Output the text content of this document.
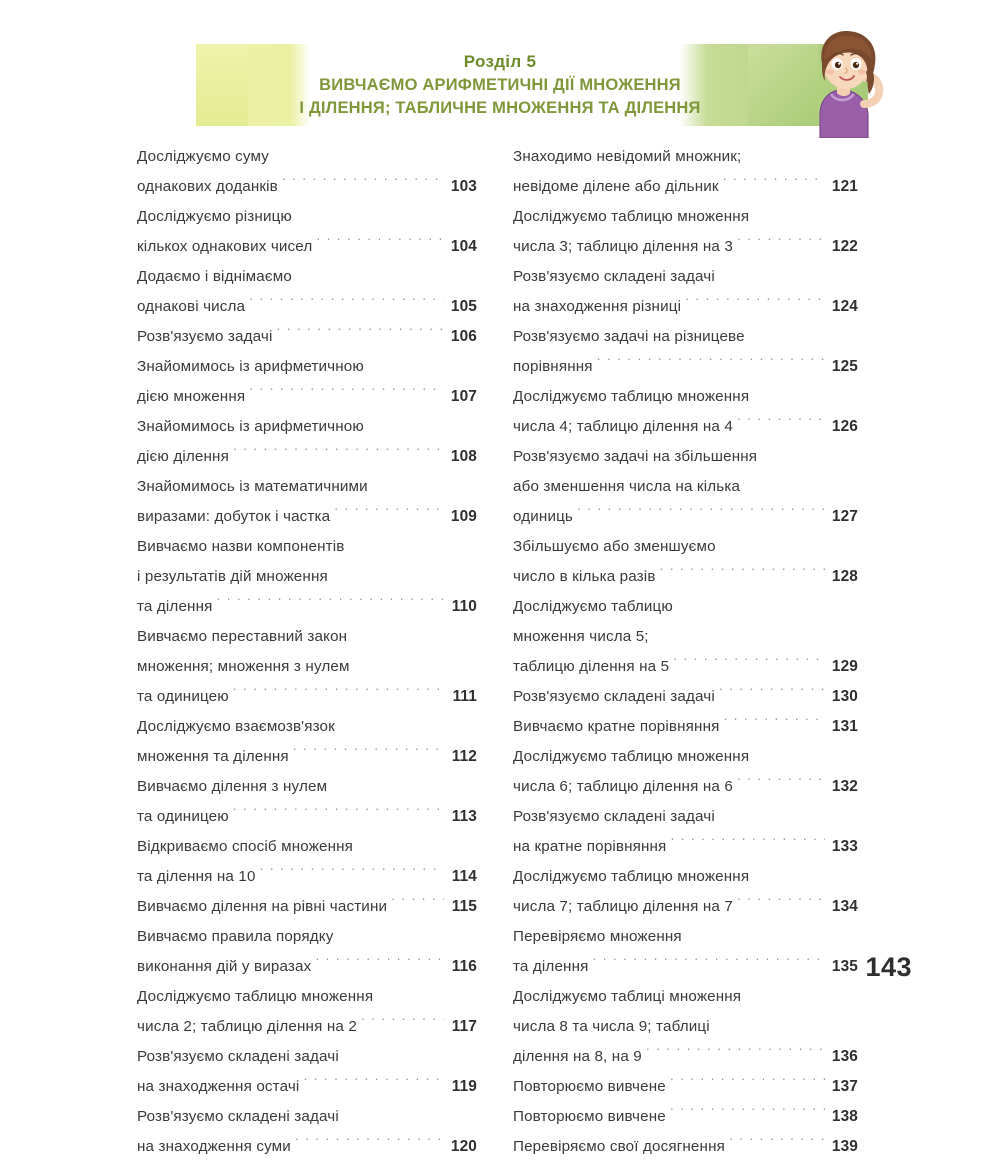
Розділ 5
ВИВЧАЄМО АРИФМЕТИЧНІ ДІЇ МНОЖЕННЯ
І ДІЛЕННЯ; ТАБЛИЧНЕ МНОЖЕННЯ ТА ДІЛЕННЯ
Досліджуємо суму
однакових доданків . . .	103
Досліджуємо різницю
кількох однакових чисел . . .	104
Додаємо і віднімаємо
однакові числа . . .	105
Розв'язуємо задачі . . .	106
Знайомимось із арифметичною
дією множення . . .	107
Знайомимось із арифметичною
дією ділення . . .	108
Знайомимось із математичними
виразами: добуток і частка . . .	109
Вивчаємо назви компонентів
і результатів дій множення
та ділення . . .	110
Вивчаємо переставний закон
множення; множення з нулем
та одиницею . . .	111
Досліджуємо взаємозв'язок
множення та ділення . . .	112
Вивчаємо ділення з нулем
та одиницею . . .	113
Відкриваємо спосіб множення
та ділення на 10 . . .	114
Вивчаємо ділення на рівні частини . . .	115
Вивчаємо правила порядку
виконання дій у виразах . . .	116
Досліджуємо таблицю множення
числа 2; таблицю ділення на 2 . . .	117
Розв'язуємо складені задачі
на знаходження остачі . . .	119
Розв'язуємо складені задачі
на знаходження суми . . .	120
Знаходимо невідомий множник;
невідоме ділене або дільник . . .	121
Досліджуємо таблицю множення
числа 3; таблицю ділення на 3 . . .	122
Розв'язуємо складені задачі
на знаходження різниці . . .	124
Розв'язуємо задачі на різницеве
порівняння . . .	125
Досліджуємо таблицю множення
числа 4; таблицю ділення на 4 . . .	126
Розв'язуємо задачі на збільшення
або зменшення числа на кілька
одиниць . . .	127
Збільшуємо або зменшуємо
число в кілька разів . . .	128
Досліджуємо таблицю
множення числа 5;
таблицю ділення на 5 . . .	129
Розв'язуємо складені задачі . . .	130
Вивчаємо кратне порівняння . . .	131
Досліджуємо таблицю множення
числа 6; таблицю ділення на 6 . . .	132
Розв'язуємо складені задачі
на кратне порівняння . . .	133
Досліджуємо таблицю множення
числа 7; таблицю ділення на 7 . . .	134
Перевіряємо множення
та ділення . . .	135
Досліджуємо таблиці множення
числа 8 та числа 9; таблиці
ділення на 8, на 9 . . .	136
Повторюємо вивчене . . .	137
Повторюємо вивчене . . .	138
Перевіряємо свої досягнення . . .	139
143
